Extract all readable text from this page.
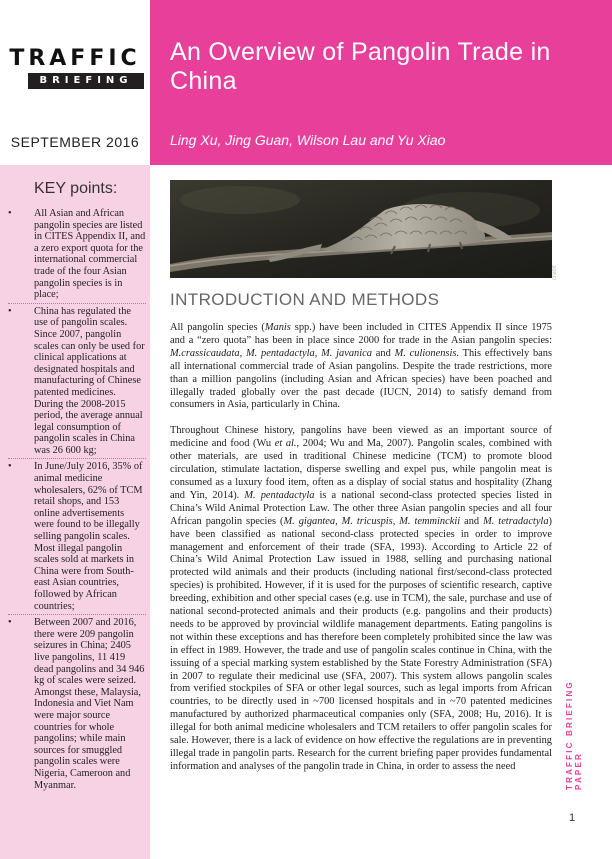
TRAFFIC
BRIEFING
SEPTEMBER 2016
An Overview of Pangolin Trade in China
Ling Xu, Jing Guan, Wilson Lau and Yu Xiao
KEY points:
•	All Asian and African pangolin species are listed in CITES Appendix II, and a zero export quota for the international commercial trade of the four Asian pangolin species is in place;
•	China has regulated the use of pangolin scales. Since 2007, pangolin scales can only be used for clinical applications at designated hospitals and manufacturing of Chinese patented medicines. During the 2008-2015 period, the average annual legal consumption of pangolin scales in China was 26 600 kg;
•	In June/July 2016, 35% of animal medicine wholesalers, 62% of TCM retail shops, and 153 online advertisements were found to be illegally selling pangolin scales. Most illegal pangolin scales sold at markets in China were from South-east Asian countries, followed by African countries;
•	Between 2007 and 2016, there were 209 pangolin seizures in China; 2405 live pangolins, 11 419 dead pangolins and 34 946 kg of scales were seized. Amongst these, Malaysia, Indonesia and Viet Nam were major source countries for whole pangolins; while main sources for smuggled pangolin scales were Nigeria, Cameroon and Myanmar.
credit
INTRODUCTION AND METHODS

All pangolin species (Manis spp.) have been included in CITES Appendix II since 1975 and a “zero quota” has been in place since 2000 for trade in the Asian pangolin species: M.crassicaudata, M. pentadactyla, M. javanica and M. culionensis. This effectively bans all international commercial trade of Asian pangolins. Despite the trade restrictions, more than a million pangolins (including Asian and African species) have been poached and illegally traded globally over the past decade (IUCN, 2014) to satisfy demand from consumers in Asia, particularly in China.

Throughout Chinese history, pangolins have been viewed as an important source of medicine and food (Wu et al., 2004; Wu and Ma, 2007). Pangolin scales, combined with other materials, are used in traditional Chinese medicine (TCM) to promote blood circulation, stimulate lactation, disperse swelling and expel pus, while pangolin meat is consumed as a luxury food item, often as a display of social status and hospitality (Zhang and Yin, 2014). M. pentadactyla is a national second-class protected species listed in China’s Wild Animal Protection Law. The other three Asian pangolin species and all four African pangolin species (M. gigantea, M. tricuspis, M. temminckii and M. tetradactyla) have been classified as national second-class protected species in order to improve management and enforcement of their trade (SFA, 1993). According to Article 22 of China’s Wild Animal Protection Law issued in 1988, selling and purchasing national protected wild animals and their products (including national first/second-class protected species) is prohibited. However, if it is used for the purposes of scientific research, captive breeding, exhibition and other special cases (e.g. use in TCM), the sale, purchase and use of national second-protected animals and their products (e.g. pangolins and their products) needs to be approved by provincial wildlife management departments. Eating pangolins is not within these exceptions and has therefore been completely prohibited since the law was in effect in 1989. However, the trade and use of pangolin scales continue in China, with the issuing of a special marking system established by the State Forestry Administration (SFA) in 2007 to regulate their medicinal use (SFA, 2007). This system allows pangolin scales from verified stockpiles of SFA or other legal sources, such as legal imports from African countries, to be directly used in ~700 licensed hospitals and in ~70 patented medicines manufactured by authorized pharmaceutical companies only (SFA, 2008; Hu, 2016). It is illegal for both animal medicine wholesalers and TCM retailers to offer pangolin scales for sale. However, there is a lack of evidence on how effective the regulations are in preventing illegal trade in pangolin parts. Research for the current briefing paper provides fundamental information and analyses of the pangolin trade in China, in order to assess the need	TRAFFIC BRIEFING PAPER
1
